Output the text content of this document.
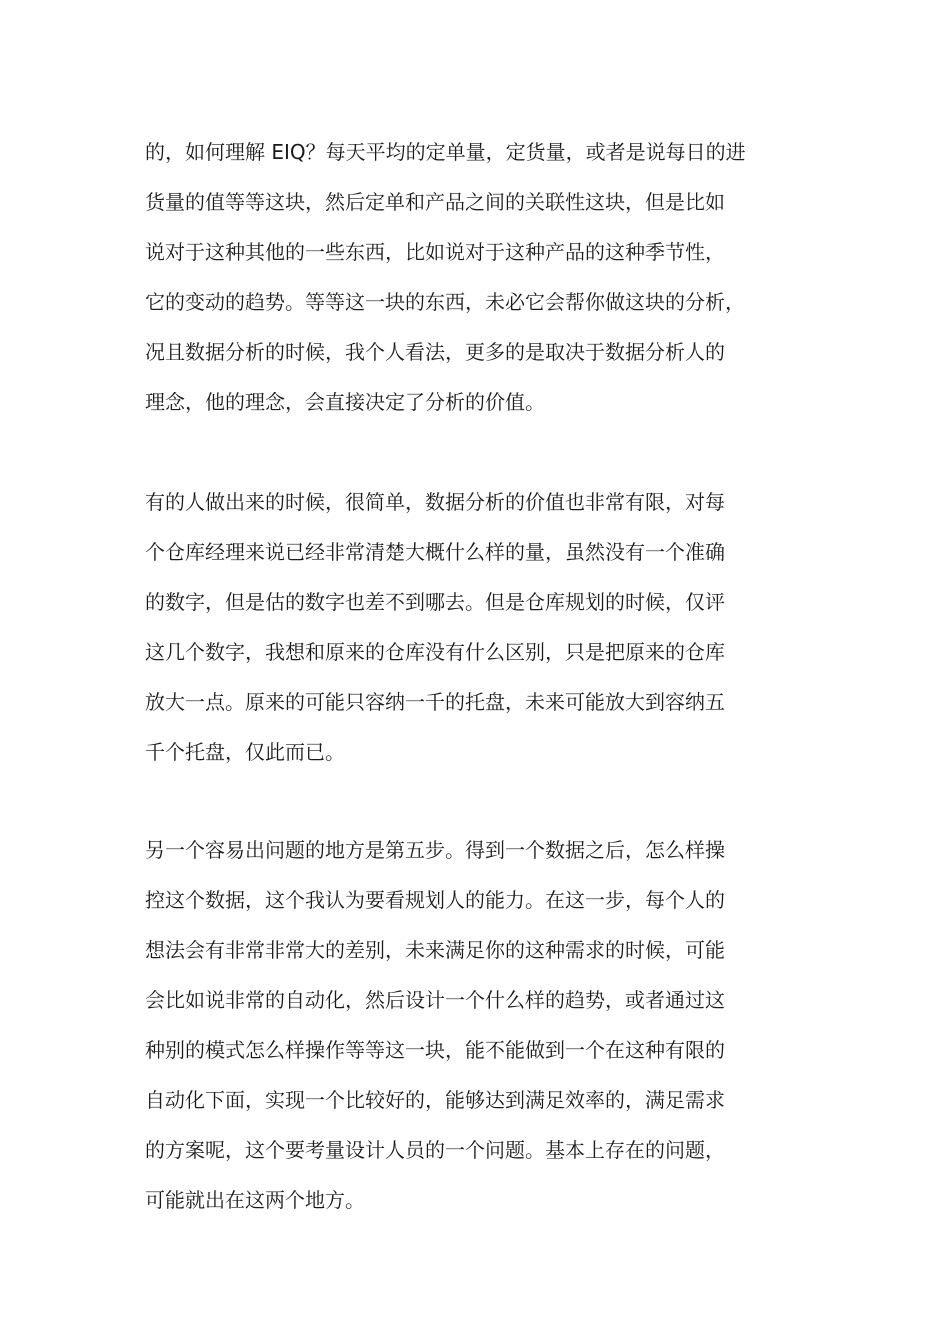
的，如何理解 EIQ？每天平均的定单量，定货量，或者是说每日的进
货量的值等等这块，然后定单和产品之间的关联性这块，但是比如
说对于这种其他的一些东西，比如说对于这种产品的这种季节性，
它的变动的趋势。等等这一块的东西，未必它会帮你做这块的分析，
况且数据分析的时候，我个人看法，更多的是取决于数据分析人的
理念，他的理念，会直接决定了分析的价值。
有的人做出来的时候，很简单，数据分析的价值也非常有限，对每
个仓库经理来说已经非常清楚大概什么样的量，虽然没有一个准确
的数字，但是估的数字也差不到哪去。但是仓库规划的时候，仅评
这几个数字，我想和原来的仓库没有什么区别，只是把原来的仓库
放大一点。原来的可能只容纳一千的托盘，未来可能放大到容纳五
千个托盘，仅此而已。
另一个容易出问题的地方是第五步。得到一个数据之后，怎么样操
控这个数据，这个我认为要看规划人的能力。在这一步，每个人的
想法会有非常非常大的差别，未来满足你的这种需求的时候，可能
会比如说非常的自动化，然后设计一个什么样的趋势，或者通过这
种别的模式怎么样操作等等这一块，能不能做到一个在这种有限的
自动化下面，实现一个比较好的，能够达到满足效率的，满足需求
的方案呢，这个要考量设计人员的一个问题。基本上存在的问题，
可能就出在这两个地方。
